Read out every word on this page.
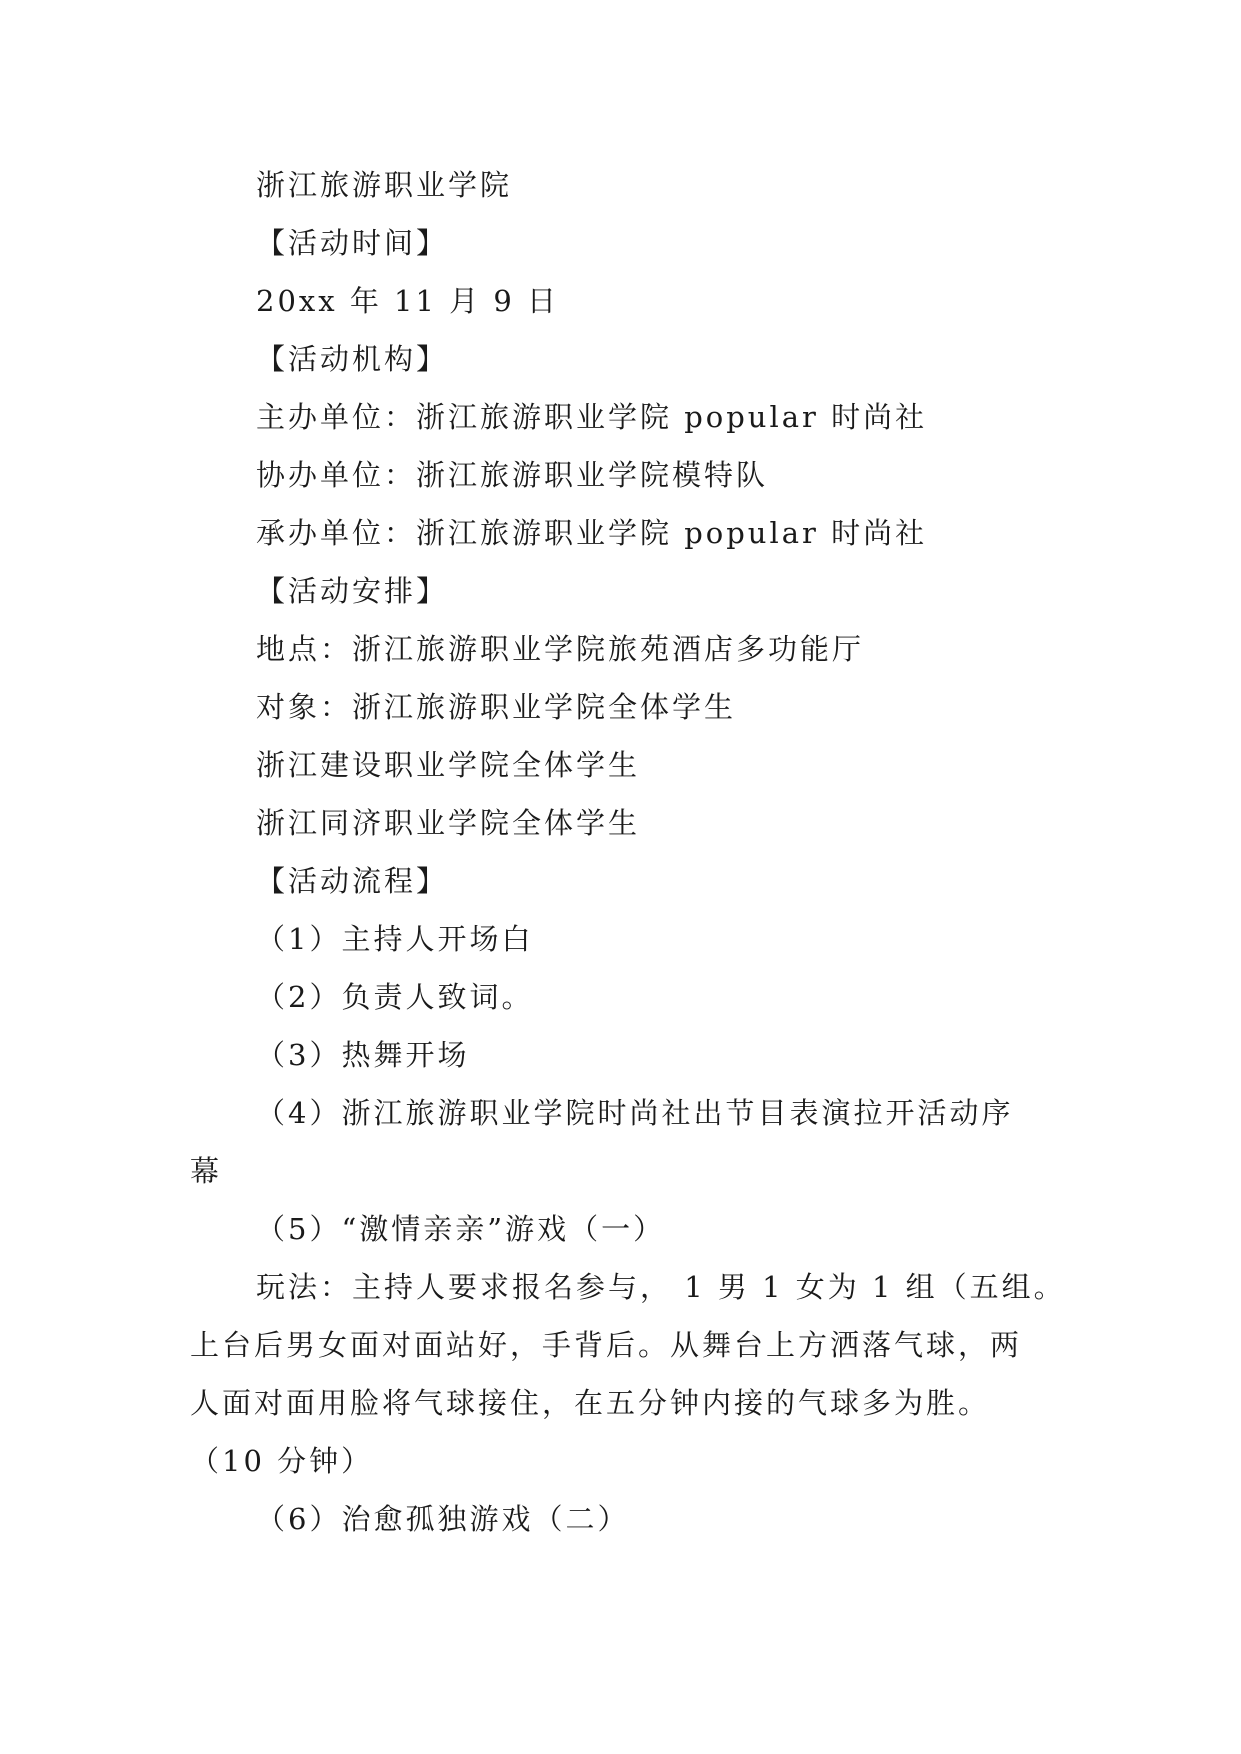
浙江旅游职业学院
【活动时间】
20xx 年 11 月 9 日
【活动机构】
主办单位：浙江旅游职业学院 popular 时尚社
协办单位：浙江旅游职业学院模特队
承办单位：浙江旅游职业学院 popular 时尚社
【活动安排】
地点：浙江旅游职业学院旅苑酒店多功能厅
对象：浙江旅游职业学院全体学生
浙江建设职业学院全体学生
浙江同济职业学院全体学生
【活动流程】
（1）主持人开场白
（2）负责人致词。
（3）热舞开场
（4）浙江旅游职业学院时尚社出节目表演拉开活动序
幕
（5）“激情亲亲”游戏（一）
玩法：主持人要求报名参与， 1 男 1 女为 1 组（五组。
上台后男女面对面站好，手背后。从舞台上方洒落气球，两
人面对面用脸将气球接住，在五分钟内接的气球多为胜。
（10 分钟）
（6）治愈孤独游戏（二）
